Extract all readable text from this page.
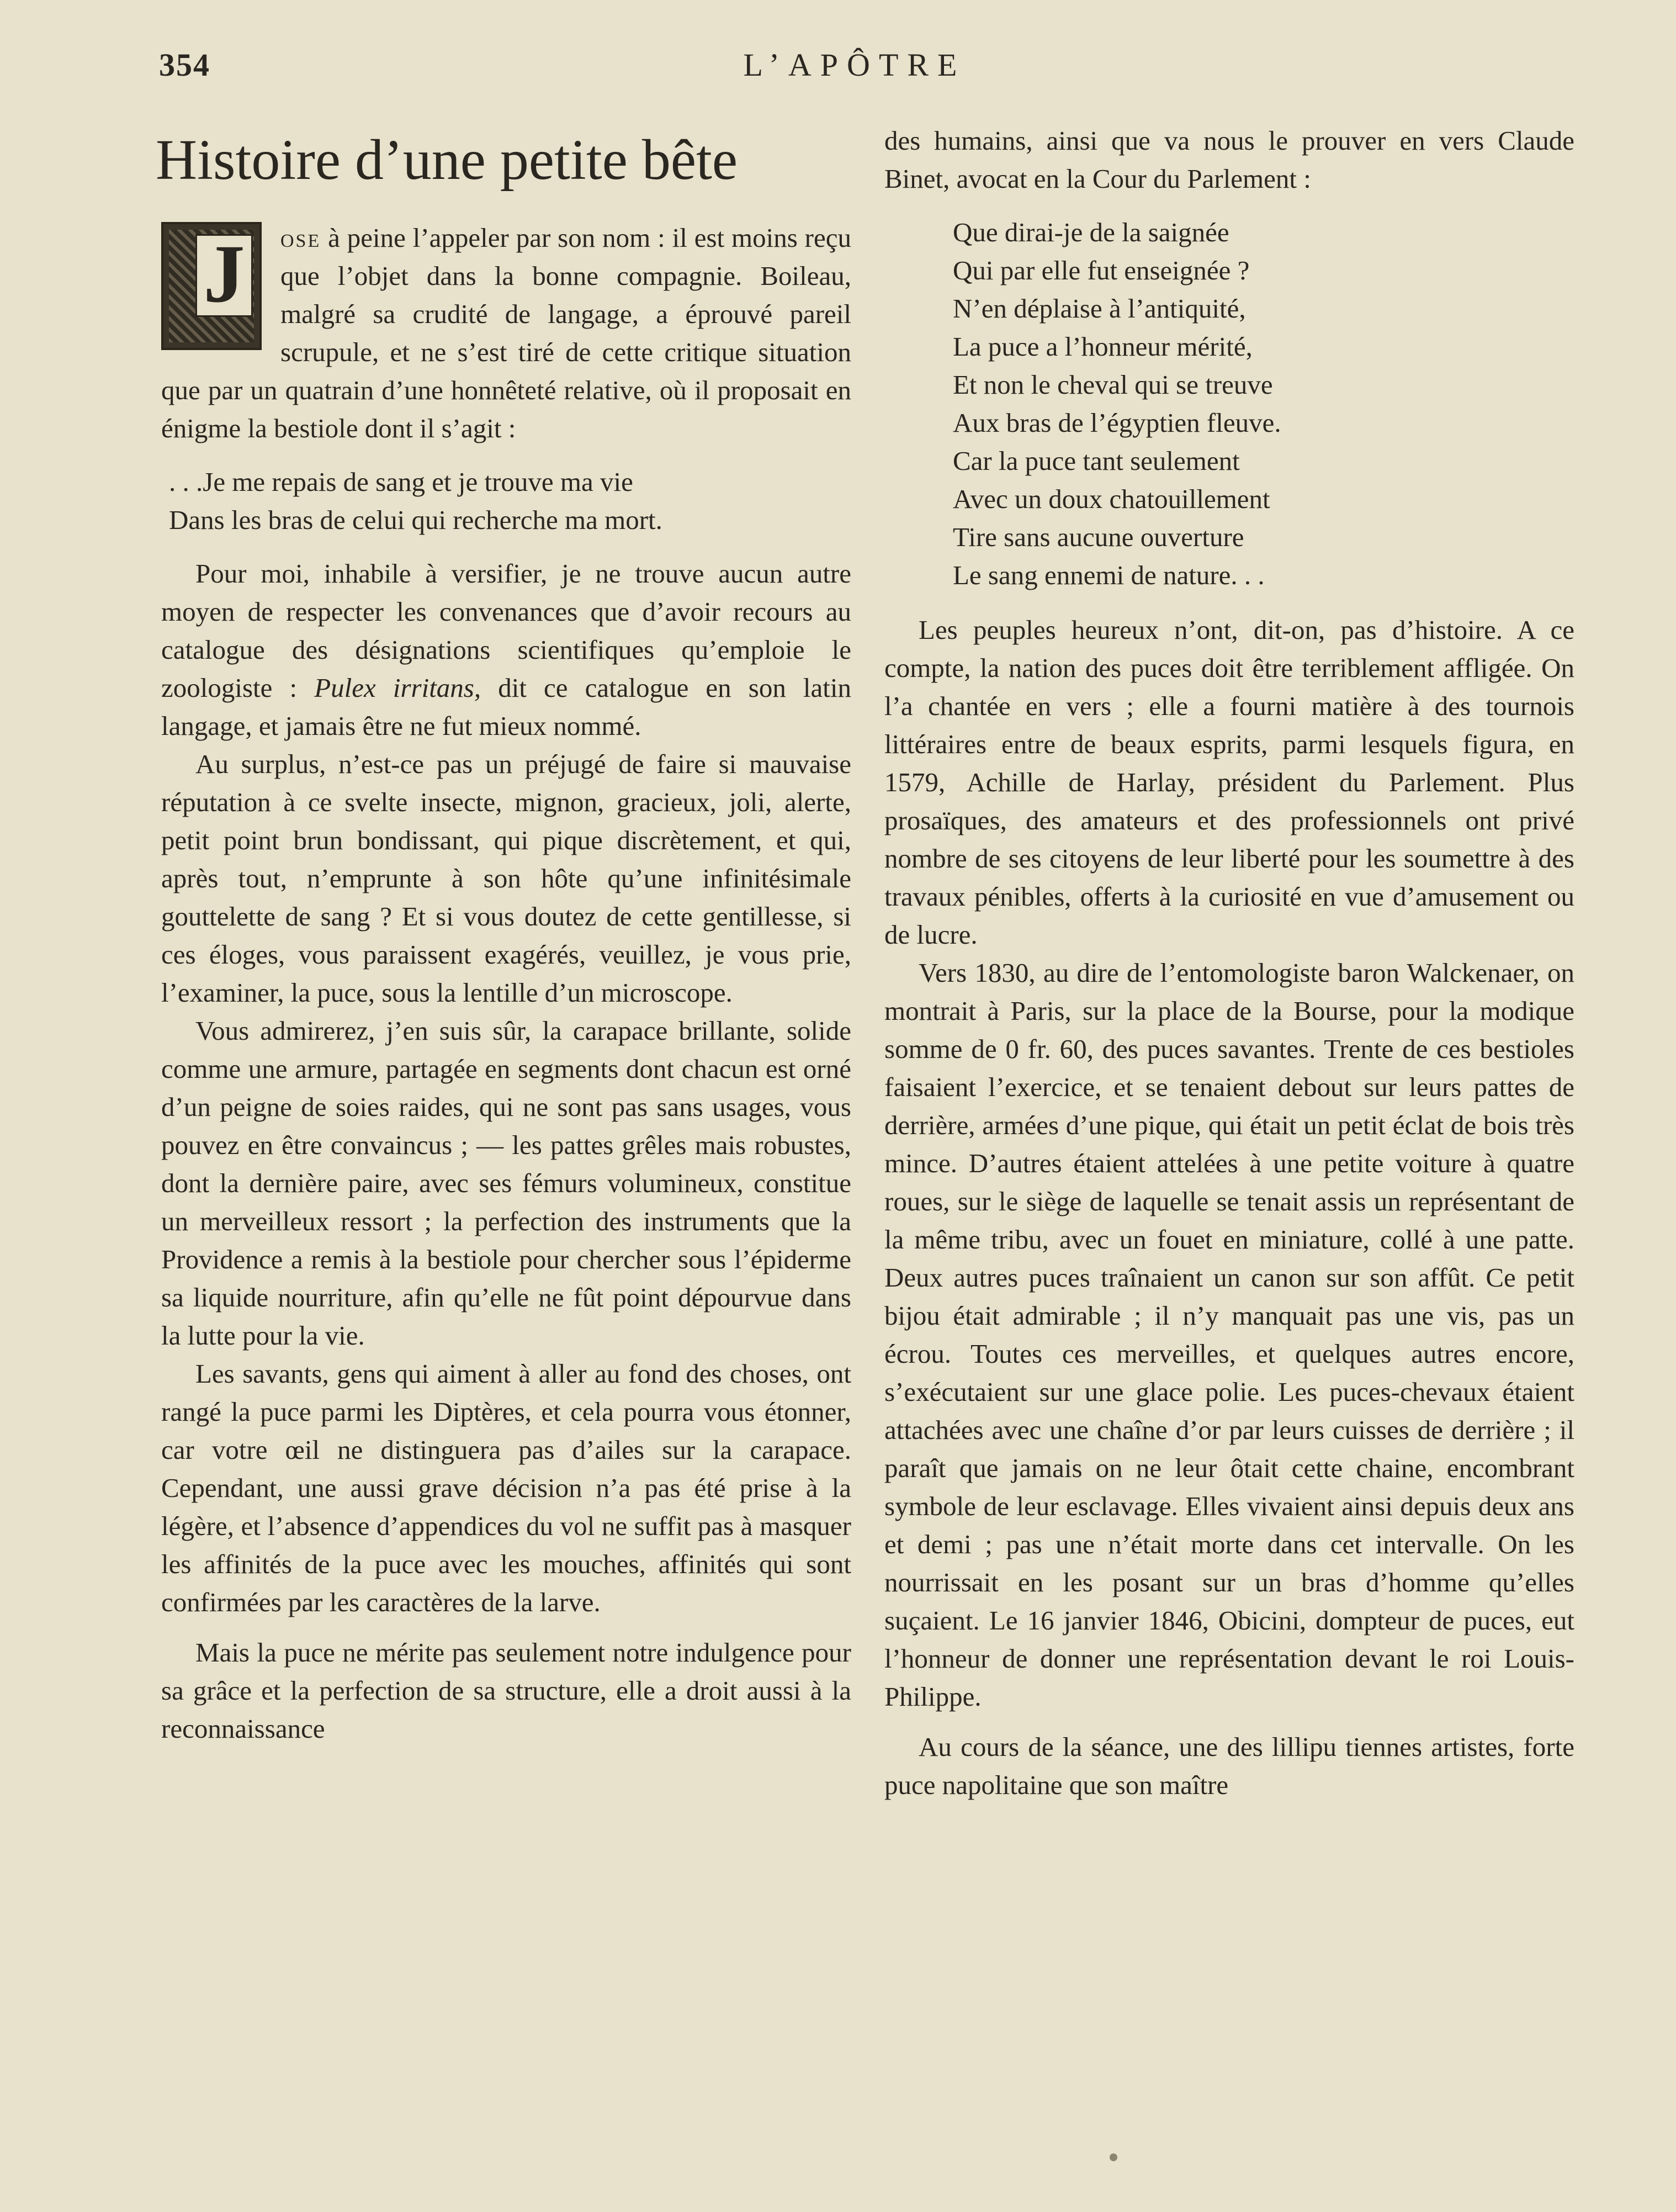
354	L’APÔTRE
Histoire d’une petite bête
J	ose à peine l’appeler par son nom : il est moins reçu que l’objet dans la bonne compagnie. Boileau, malgré sa crudité de langage, a éprouvé pareil scrupule, et ne s’est tiré de cette critique situation que par un quatrain d’une honnêteté relative, où il proposait en énigme la bestiole dont il s’agit :

. . .Je me repais de sang et je trouve ma vie
Dans les bras de celui qui recherche ma mort.

Pour moi, inhabile à versifier, je ne trouve aucun autre moyen de respecter les convenances que d’avoir recours au catalogue des désignations scientifiques qu’emploie le zoologiste : Pulex irritans, dit ce catalogue en son latin langage, et jamais être ne fut mieux nommé.

Au surplus, n’est-ce pas un préjugé de faire si mauvaise réputation à ce svelte insecte, mignon, gracieux, joli, alerte, petit point brun bondissant, qui pique discrètement, et qui, après tout, n’emprunte à son hôte qu’une infinitésimale gouttelette de sang ? Et si vous doutez de cette gentillesse, si ces éloges, vous paraissent exagérés, veuillez, je vous prie, l’examiner, la puce, sous la lentille d’un microscope.

Vous admirerez, j’en suis sûr, la carapace brillante, solide comme une armure, partagée en segments dont chacun est orné d’un peigne de soies raides, qui ne sont pas sans usages, vous pouvez en être convaincus ; — les pattes grêles mais robustes, dont la dernière paire, avec ses fémurs volumineux, constitue un merveilleux ressort ; la perfection des instruments que la Providence a remis à la bestiole pour chercher sous l’épiderme sa liquide nourriture, afin qu’elle ne fût point dépourvue dans la lutte pour la vie.

Les savants, gens qui aiment à aller au fond des choses, ont rangé la puce parmi les Diptères, et cela pourra vous étonner, car votre œil ne distinguera pas d’ailes sur la carapace. Cependant, une aussi grave décision n’a pas été prise à la légère, et l’absence d’appendices du vol ne suffit pas à masquer les affinités de la puce avec les mouches, affinités qui sont confirmées par les caractères de la larve.

Mais la puce ne mérite pas seulement notre indulgence pour sa grâce et la perfection de sa structure, elle a droit aussi à la reconnaissance

des humains, ainsi que va nous le prouver en vers Claude Binet, avocat en la Cour du Parlement :

Que dirai-je de la saignée
Qui par elle fut enseignée ?
N’en déplaise à l’antiquité,
La puce a l’honneur mérité,
Et non le cheval qui se treuve
Aux bras de l’égyptien fleuve.
Car la puce tant seulement
Avec un doux chatouillement
Tire sans aucune ouverture
Le sang ennemi de nature. . .

Les peuples heureux n’ont, dit-on, pas d’histoire. A ce compte, la nation des puces doit être terriblement affligée. On l’a chantée en vers ; elle a fourni matière à des tournois littéraires entre de beaux esprits, parmi lesquels figura, en 1579, Achille de Harlay, président du Parlement. Plus prosaïques, des amateurs et des professionnels ont privé nombre de ses citoyens de leur liberté pour les soumettre à des travaux pénibles, offerts à la curiosité en vue d’amusement ou de lucre.

Vers 1830, au dire de l’entomologiste baron Walckenaer, on montrait à Paris, sur la place de la Bourse, pour la modique somme de 0 fr. 60, des puces savantes. Trente de ces bestioles faisaient l’exercice, et se tenaient debout sur leurs pattes de derrière, armées d’une pique, qui était un petit éclat de bois très mince. D’autres étaient attelées à une petite voiture à quatre roues, sur le siège de laquelle se tenait assis un représentant de la même tribu, avec un fouet en miniature, collé à une patte. Deux autres puces traînaient un canon sur son affût. Ce petit bijou était admirable ; il n’y manquait pas une vis, pas un écrou. Toutes ces merveilles, et quelques autres encore, s’exécutaient sur une glace polie. Les puces-chevaux étaient attachées avec une chaîne d’or par leurs cuisses de derrière ; il paraît que jamais on ne leur ôtait cette chaine, encombrant symbole de leur esclavage. Elles vivaient ainsi depuis deux ans et demi ; pas une n’était morte dans cet intervalle. On les nourrissait en les posant sur un bras d’homme qu’elles suçaient. Le 16 janvier 1846, Obicini, dompteur de puces, eut l’honneur de donner une représentation devant le roi Louis-Philippe.

Au cours de la séance, une des lillipu tiennes artistes, forte puce napolitaine que son maître
